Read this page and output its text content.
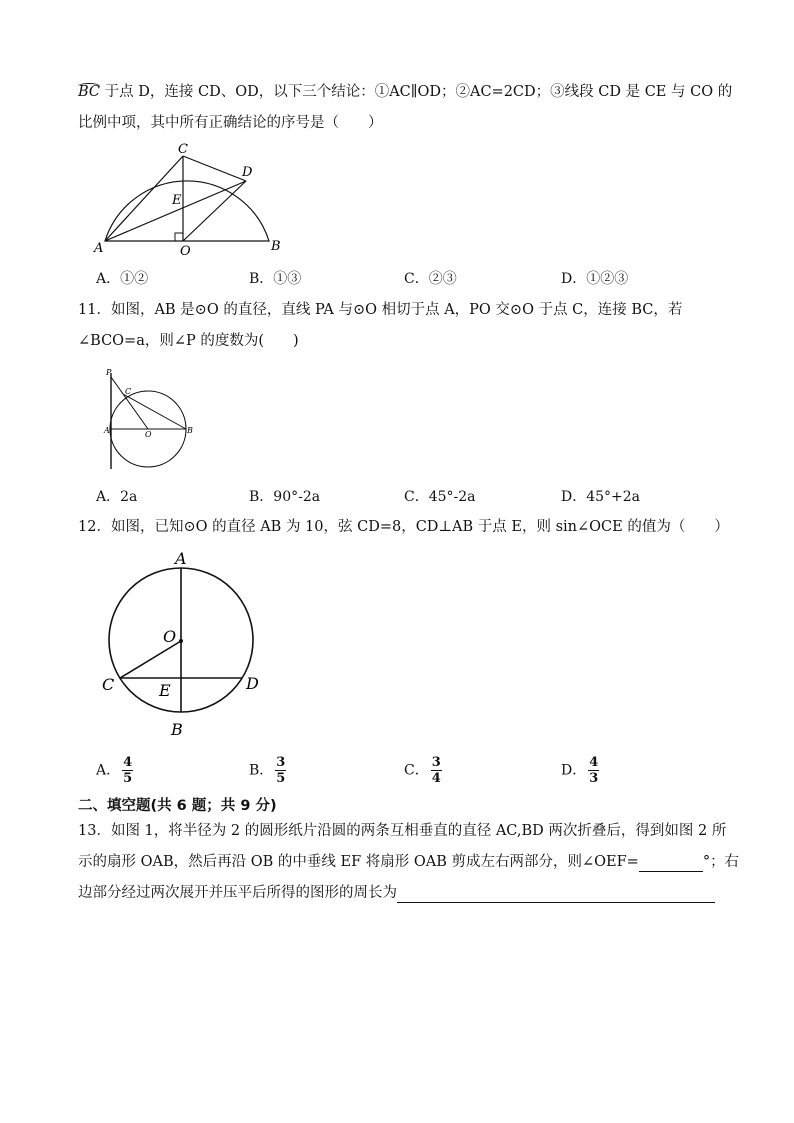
BC 于点 D，连接 CD、OD，以下三个结论：①AC∥OD；②AC=2CD；③线段 CD 是 CE 与 CO 的
比例中项，其中所有正确结论的序号是（　　）
C
D
E
A	O	B
A．①②	B．①③	C．②③	D．①②③
11．如图，AB 是⊙O 的直径，直线 PA 与⊙O 相切于点 A，PO 交⊙O 于点 C，连接 BC，若
∠BCO=a，则∠P 的度数为(　　)
P
C
A	O	B
A．2a	B．90°-2a	C．45°-2a	D．45°+2a
12．如图，已知⊙O 的直径 AB 为 10，弦 CD=8，CD⊥AB 于点 E，则 sin∠OCE 的值为（　　）
A
O
C	E	D
B
A． $\frac{4}{5}$	B． $\frac{3}{5}$	C． $\frac{3}{4}$	D． $\frac{4}{3}$
二、填空题(共 6 题；共 9 分)
13．如图 1，将半径为 2 的圆形纸片沿圆的两条互相垂直的直径 AC,BD 两次折叠后，得到如图 2 所
示的扇形 OAB，然后再沿 OB 的中垂线 EF 将扇形 OAB 剪成左右两部分，则∠OEF=	°；右
边部分经过两次展开并压平后所得的图形的周长为
